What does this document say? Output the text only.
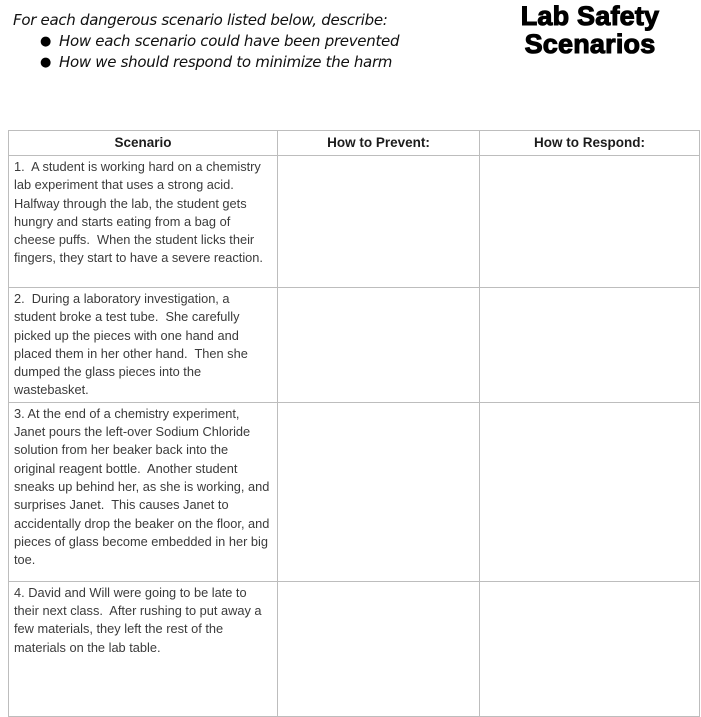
For each dangerous scenario listed below, describe:

● How each scenario could have been prevented
● How we should respond to minimize the harm
Lab Safety Scenarios
Scenario	How to Prevent:	How to Respond:
1.  A student is working hard on a chemistry lab experiment that uses a strong acid.  Halfway through the lab, the student gets hungry and starts eating from a bag of cheese puffs.  When the student licks their fingers, they start to have a severe reaction.		
2.  During a laboratory investigation, a student broke a test tube.  She carefully picked up the pieces with one hand and placed them in her other hand.  Then she dumped the glass pieces into the wastebasket.		
3. At the end of a chemistry experiment, Janet pours the left-over Sodium Chloride solution from her beaker back into the original reagent bottle.  Another student sneaks up behind her, as she is working, and surprises Janet.  This causes Janet to accidentally drop the beaker on the floor, and pieces of glass become embedded in her big toe.		
4. David and Will were going to be late to their next class.  After rushing to put away a few materials, they left the rest of the materials on the lab table.		
